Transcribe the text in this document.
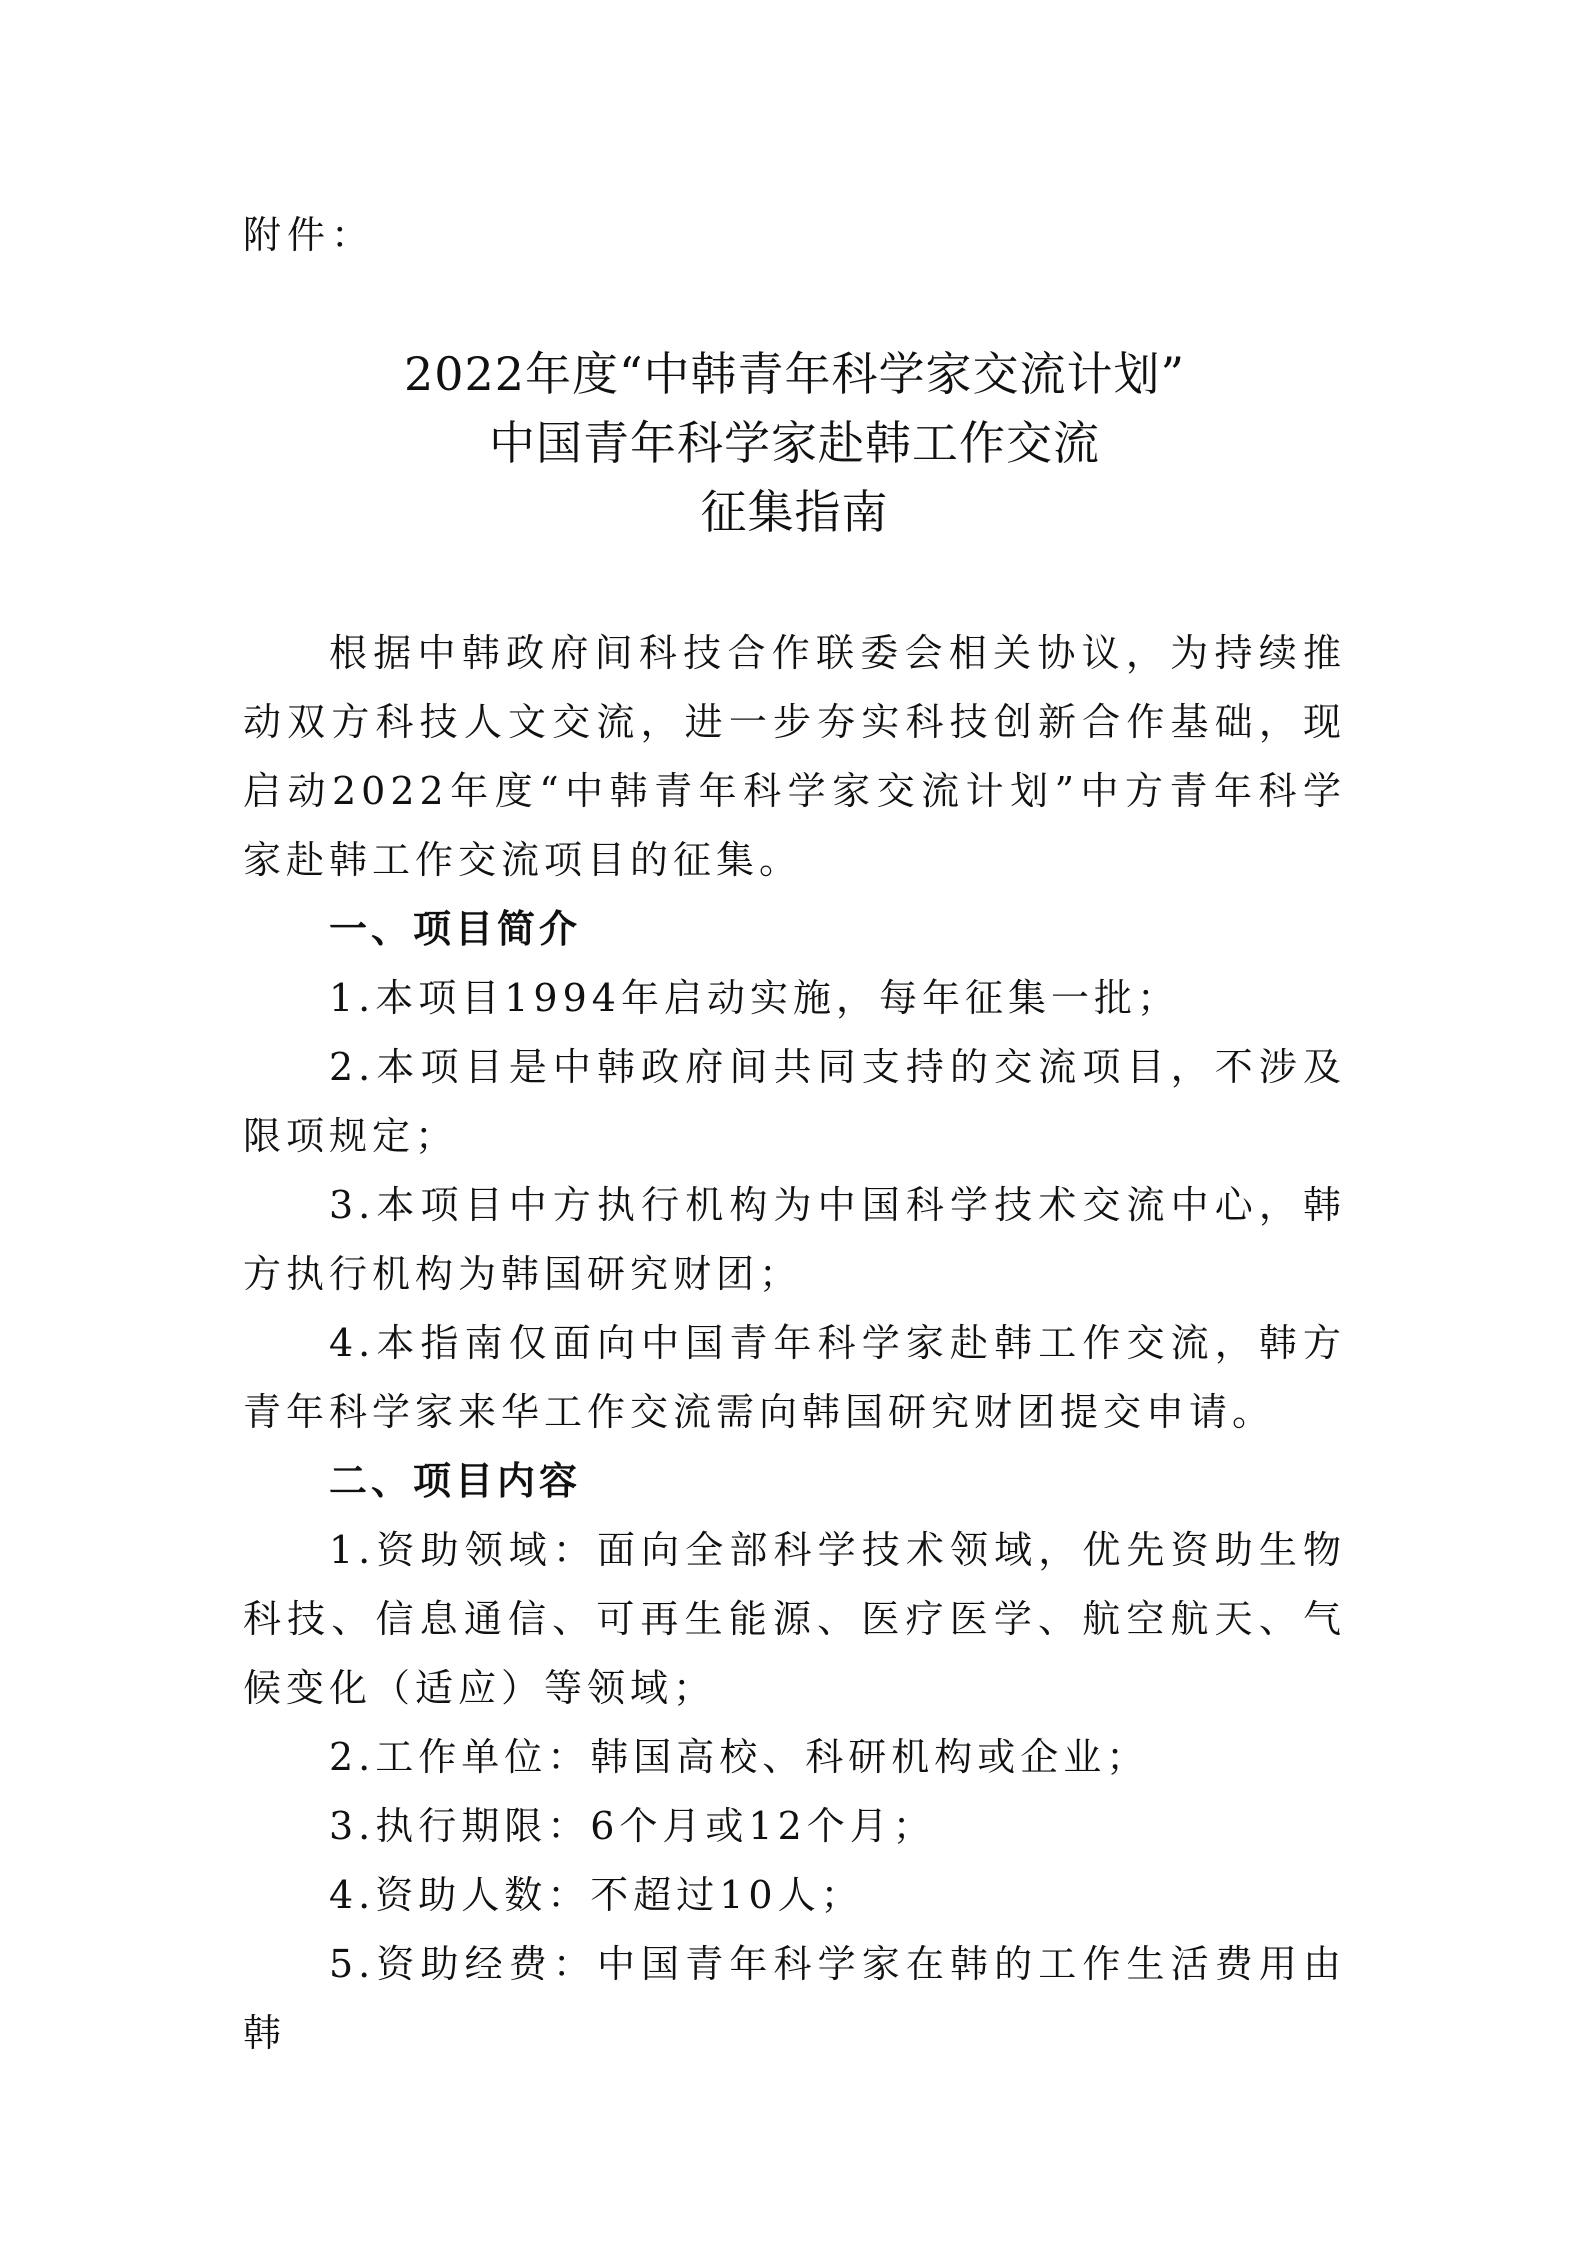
附件：
2022年度“中韩青年科学家交流计划”
中国青年科学家赴韩工作交流
征集指南

根据中韩政府间科技合作联委会相关协议，为持续推动双方科技人文交流，进一步夯实科技创新合作基础，现启动2022年度“中韩青年科学家交流计划”中方青年科学家赴韩工作交流项目的征集。

一、项目简介

1.本项目1994年启动实施，每年征集一批；

2.本项目是中韩政府间共同支持的交流项目，不涉及限项规定；

3.本项目中方执行机构为中国科学技术交流中心，韩方执行机构为韩国研究财团；

4.本指南仅面向中国青年科学家赴韩工作交流，韩方青年科学家来华工作交流需向韩国研究财团提交申请。

二、项目内容

1.资助领域：面向全部科学技术领域，优先资助生物科技、信息通信、可再生能源、医疗医学、航空航天、气候变化（适应）等领域；

2.工作单位：韩国高校、科研机构或企业；

3.执行期限：6个月或12个月；

4.资助人数：不超过10人；

5.资助经费：中国青年科学家在韩的工作生活费用由韩
